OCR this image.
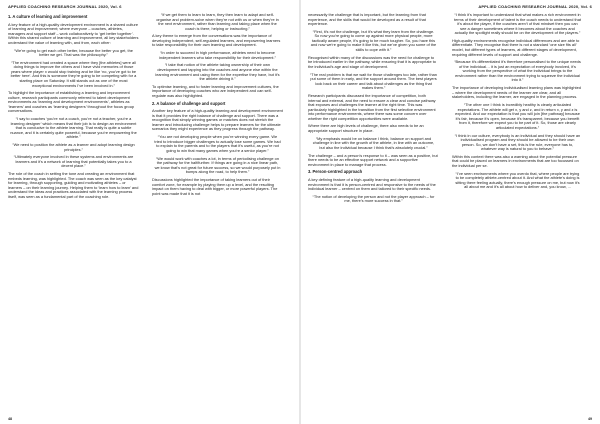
APPLIED COACHING RESEARCH JOURNAL 2020, Vol. 6
1. A culture of learning and improvement

A key feature of a high-quality development environment is a shared culture of learning and improvement; where everyone – coaches, athletes, managers and support staff – work collaboratively to ‘get better together’. Within this shared culture of learning and improvement, all key stakeholders understand the value of learning with, and from, each other:

“We’re going to get each other better, because the better you get, the better we get. That was the philosophy.”

“The environment had created a space where they [the athletes] were all doing things to improve the others and I have vivid memories of those years where player x would stop training and be like ‘no, you’ve got to be better here’. And this is someone they’re going to be competing with for a starting place on Saturday. It still stands out as one of the most exceptional environments I’ve been involved in.”

To highlight the importance of establishing a learning and improvement culture, research participants commonly referred to talent development environments as ‘learning and development environments’, athletes as ‘learners’ and coaches as ‘learning designers’ throughout the focus group conversations.

“I say to coaches ‘you’re not a coach, you’re not a teacher, you’re a learning designer’ which means that their job is to design an environment that is conducive to the athlete learning. That really is quite a subtle nuance, and it is certainly quite powerful, because you’re empowering the athlete.”

“We need to position the athlete as a learner and adopt learning design principles.”

“Ultimately everyone involved in these systems and environments are learners and it’s a network of learning that potentially takes you to a decent place.”

The role of the coach in setting the tone and creating an environment that embeds learning, was highlighted. The coach was seen as the key catalyst for learning, through supporting, guiding and motivating athletes – or learners – on their learning journey. Helping them to ‘learn how to learn’ and understand the ideas and practices associated with the learning process itself, was seen as a fundamental part of the coaching role.

“If we get them to learn to learn, they then learn to adapt and self-organise and problem-solve when they’re not with us or when they’re in the next environment, rather than learning and taking place when the coach is there, helping or instructing.”

A key theme to emerge from the conversations was the importance of developing independent, self-regulated learners, and empowering learners to take responsibility for their own learning and development.

“In order to succeed in high performance, athletes need to become independent learners who take responsibility for their development.”

“I take that notion of the athlete taking ownership of their own development and tapping into the coaches and anyone else within the learning environment and using them for the expertise they have, but it’s the athlete driving it.”

To optimise learning, and to foster learning and improvement cultures, the importance of developing coaches who are independent and can self-regulate was also highlighted.

2. A balance of challenge and support

Another key feature of a high-quality learning and development environment is that it provides the right balance of challenge and support. There was a recognition that simply winning games or matches does not stretch the learner and introducing challenge helps to prepare learners for the ultimate scenarios they might experience as they progress through the pathway.

“You are not developing people when you’re winning every game. We tried to introduce bigger challenges to actually lose some games. We had to explain to the parents and to the players that it’s useful, as you’re not going to win that many games when you’re a senior player.”

“We would work with coaches a lot, in terms of periodising challenge on the pathway for the half/further. If things are going in a nice linear path, we know that’s not great for future success, so we would purposely put in bumps along the road, to help them.”

Discussions highlighted the importance of taking learners out of their comfort zone, for example by playing them up a level, and the resulting impact on them having to deal with bigger, or more powerful players. The point was made that it is not

48
APPLIED COACHING RESEARCH JOURNAL 2020, Vol. 6

necessarily the challenge that is important, but the learning from that experience, and the skills that would be developed as a result of that experience.

“First, it’s not the challenge, but it’s what they learn from the challenge. So now you’re going to come up against more physical people, more tactically aware people, it’s going to be much tougher. So, you have this and now we’re going to make it like this, but we’ve given you some of the skills to cope with it.”

Recognised within many of the discussions was the need for challenge to be introduced earlier in the pathway, while ensuring that it is appropriate to the individual’s age and stage of development.

“The real problem is that we wait for those challenges too late, rather than put some of them in early, and the support around them. The best players look back on their career and talk about challenges as the thing that makes them.”

Research participants discussed the importance of competition, both internal and external, and the need to ensure a clear and concise pathway that exposes and challenges the learner at the right time. This was particularly highlighted in the transition from the first selective environment into performance environments, where there was some concern over whether the right competition opportunities were available.

Where there are high levels of challenge, there also needs to be an appropriate support structure in place.

“My emphasis would be on balance I think, balance on support and challenge in line with the growth of the athlete, in line with an outcome, but also the individual because I think that’s absolutely crucial.”

The challenge – and a person’s response to it – was seen as a positive, but there needs to be an effective support network and a supportive environment in place to manage that process.

3. Person-centred approach

A key defining feature of a high-quality learning and development environment is that it is person-centred and responsive to the needs of the individual learner – centred on them and tailored to their specific needs.

“The notion of developing the person and not the player approach – for me, there’s more success in that.”

“I think it’s important to understand that what makes a rich environment in terms of their development of talent is the coach needs to understand that it’s about the player, if the coaches aren’t of that mindset then you can see a danger sometimes where it becomes about the coaches and actually the spotlight really should be on the development of the players.”

High-quality environments recognise individual differences and are able to differentiate. They recognise that there is not a standard ‘one size fits all’ model, but different types of learners, at different stages of development, requiring different levels of support and challenge.

“Because it’s differentiated it’s therefore personalised to the unique needs of the individual… it is just an expectation of everybody involved, it’s working from the perspective of what the individual brings to the environment rather than the environment trying to squeeze the individual into it.”

The importance of developing individualised learning plans was highlighted – where the development needs of the learner are clear, and all stakeholders, including the learner, are engaged in the planning process.

“The other one I think is incredibly healthy is clearly articulated expectations. The athlete will get x, y and z, and in return x, y and z is expected. And our expectation is that you will join [the pathway] because it’s fair, because it’s open, because it’s transparent, because you benefit from it, therefore we expect you to be part of it. So, those are clearly articulated expectations.”

“I think in our culture, everybody is an individual and they should have an individualised program and they should be allowed to be their own person. So, we don’t have a set, this is the rule, everyone has to, whatever way is natural to you to behave.”

Within this context there was also a warning about the potential pressure that could be placed on learners in environments that are too focussed on the individual per se.

“I’ve seen environments where you overdo that, where people are trying to be completely athlete-centred about it. And what the athlete’s doing is sitting there feeling actually, there’s enough pressure on me, but now it’s all about me and it’s all about how to deliver and, you know, ...

49
